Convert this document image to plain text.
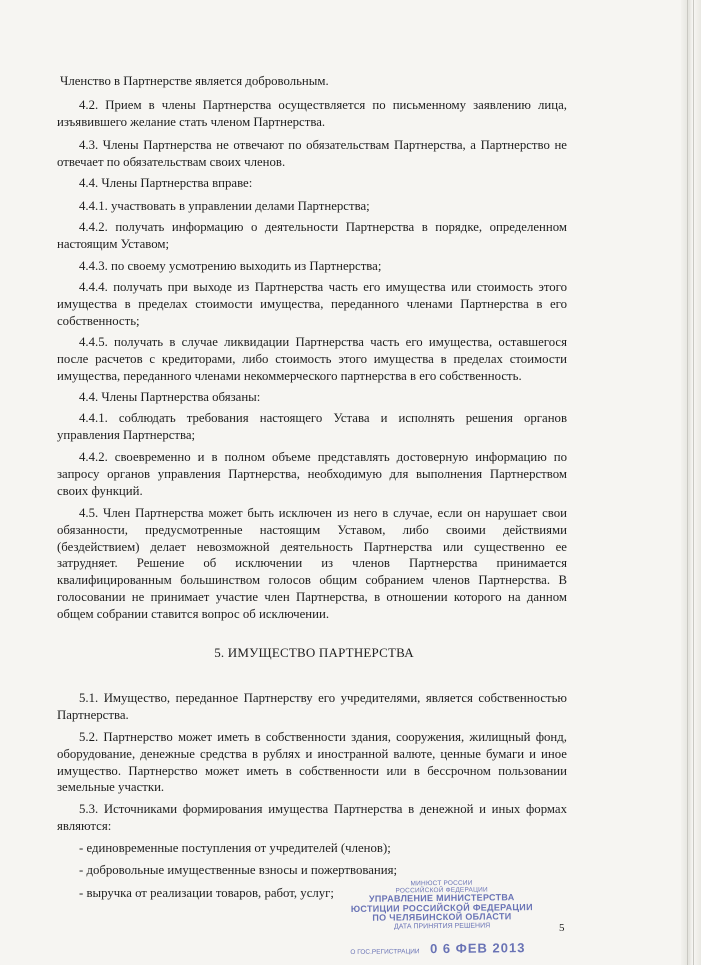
Членство в Партнерстве является добровольным.

4.2. Прием в члены Партнерства осуществляется по письменному заявлению лица, изъявившего желание стать членом Партнерства.

4.3. Члены Партнерства не отвечают по обязательствам Партнерства, а Партнерство не отвечает по обязательствам своих членов.

4.4. Члены Партнерства вправе:

4.4.1. участвовать в управлении делами Партнерства;

4.4.2. получать информацию о деятельности Партнерства в порядке, определенном настоящим Уставом;

4.4.3. по своему усмотрению выходить из Партнерства;

4.4.4. получать при выходе из Партнерства часть его имущества или стоимость этого имущества в пределах стоимости имущества, переданного членами Партнерства в его собственность;

4.4.5. получать в случае ликвидации Партнерства часть его имущества, оставшегося после расчетов с кредиторами, либо стоимость этого имущества в пределах стоимости имущества, переданного членами некоммерческого партнерства в его собственность.

4.4. Члены Партнерства обязаны:

4.4.1. соблюдать требования настоящего Устава и исполнять решения органов управления Партнерства;

4.4.2. своевременно и в полном объеме представлять достоверную информацию по запросу органов управления Партнерства, необходимую для выполнения Партнерством своих функций.

4.5. Член Партнерства может быть исключен из него в случае, если он нарушает свои обязанности, предусмотренные настоящим Уставом, либо своими действиями (бездействием) делает невозможной деятельность Партнерства или существенно ее затрудняет. Решение об исключении из членов Партнерства принимается квалифицированным большинством голосов общим собранием членов Партнерства. В голосовании не принимает участие член Партнерства, в отношении которого на данном общем собрании ставится вопрос об исключении.

5. ИМУЩЕСТВО ПАРТНЕРСТВА

5.1. Имущество, переданное Партнерству его учредителями, является собственностью Партнерства.

5.2. Партнерство может иметь в собственности здания, сооружения, жилищный фонд, оборудование, денежные средства в рублях и иностранной валюте, ценные бумаги и иное имущество. Партнерство может иметь в собственности или в бессрочном пользовании земельные участки.

5.3. Источниками формирования имущества Партнерства в денежной и иных формах являются:

- единовременные поступления от учредителей (членов);

- добровольные имущественные взносы и пожертвования;

- выручка от реализации товаров, работ, услуг;

5
МИНЮСТ РОССИИ
РОССИЙСКОЙ ФЕДЕРАЦИИ
УПРАВЛЕНИЕ МИНИСТЕРСТВА
ЮСТИЦИИ РОССИЙСКОЙ ФЕДЕРАЦИИ
ПО ЧЕЛЯБИНСКОЙ ОБЛАСТИ
ДАТА ПРИНЯТИЯ РЕШЕНИЯ
О ГОС.РЕГИСТРАЦИИ 0 6 ФЕВ 2013
